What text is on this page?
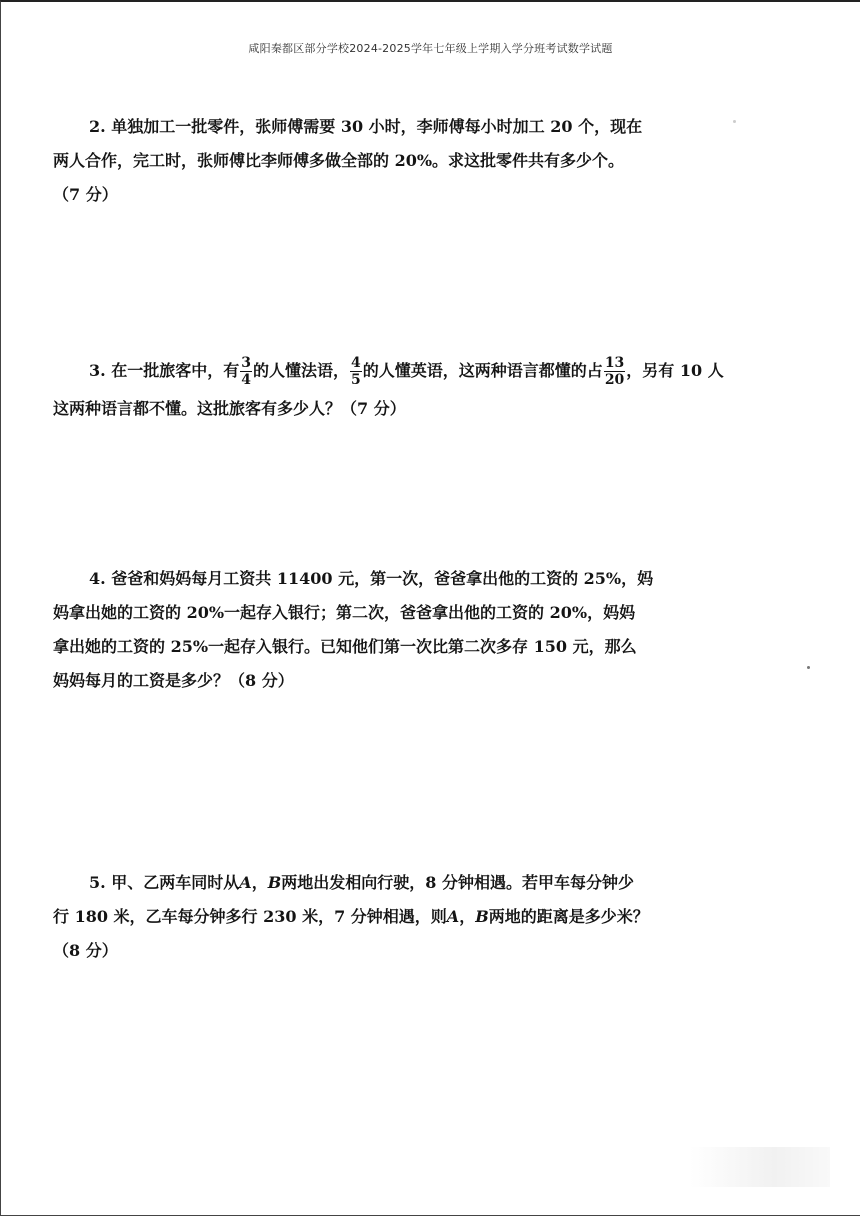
咸阳秦都区部分学校2024-2025学年七年级上学期入学分班考试数学试题
2. 单独加工一批零件，张师傅需要 30 小时，李师傅每小时加工 20 个，现在
两人合作，完工时，张师傅比李师傅多做全部的 20%。求这批零件共有多少个。
（7 分）
3. 在一批旅客中，有 $\frac{3}{4}$ 的人懂法语， $\frac{4}{5}$ 的人懂英语，这两种语言都懂的占 $\frac{13}{20}$ ，另有 10 人
这两种语言都不懂。这批旅客有多少人？（7 分）
4. 爸爸和妈妈每月工资共 11400 元，第一次，爸爸拿出他的工资的 25%，妈
妈拿出她的工资的 20%一起存入银行；第二次，爸爸拿出他的工资的 20%，妈妈
拿出她的工资的 25%一起存入银行。已知他们第一次比第二次多存 150 元，那么
妈妈每月的工资是多少？（8 分）
5. 甲、乙两车同时从A，B两地出发相向行驶，8 分钟相遇。若甲车每分钟少
行 180 米，乙车每分钟多行 230 米，7 分钟相遇，则A，B两地的距离是多少米？
（8 分）
